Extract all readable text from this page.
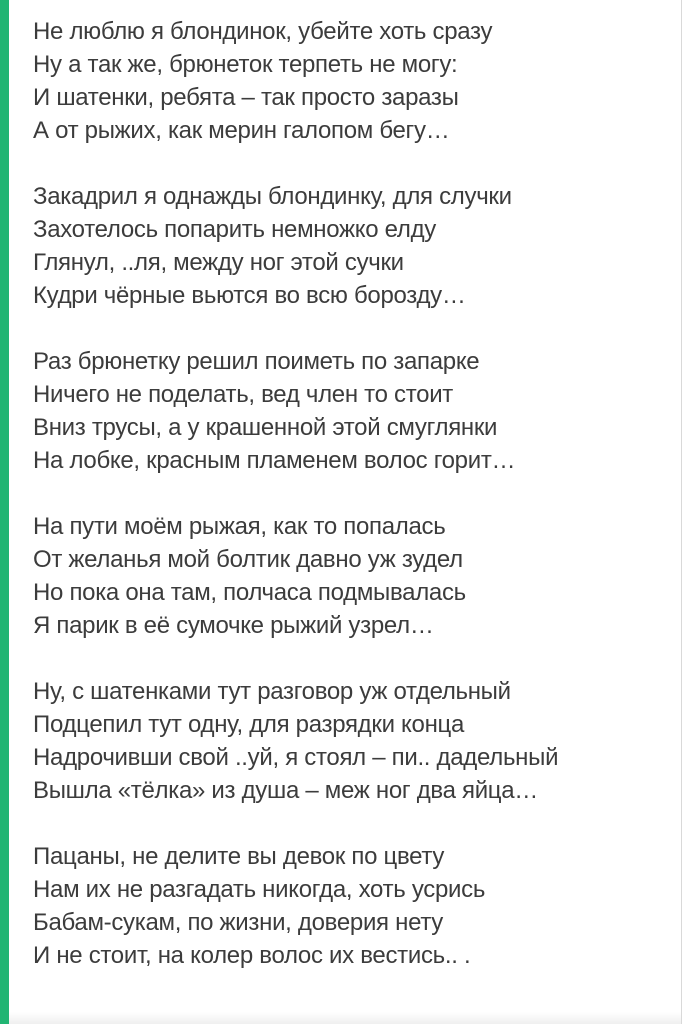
Не люблю я блондинок, убейте хоть сразу
Ну а так же, брюнеток терпеть не могу:
И шатенки, ребята – так просто заразы
А от рыжих, как мерин галопом бегу…

Закадрил я однажды блондинку, для случки
Захотелось попарить немножко елду
Глянул, ..ля, между ног этой сучки
Кудри чёрные вьются во всю борозду…

Раз брюнетку решил поиметь по запарке
Ничего не поделать, вед член то стоит
Вниз трусы, а у крашенной этой смуглянки
На лобке, красным пламенем волос горит…

На пути моём рыжая, как то попалась
От желанья мой болтик давно уж зудел
Но пока она там, полчаса подмывалась
Я парик в её сумочке рыжий узрел…

Ну, с шатенками тут разговор уж отдельный
Подцепил тут одну, для разрядки конца
Надрочивши свой ..уй, я стоял – пи.. дадельный
Вышла «тёлка» из душа – меж ног два яйца…

Пацаны, не делите вы девок по цвету
Нам их не разгадать никогда, хоть усрись
Бабам-сукам, по жизни, доверия нету
И не стоит, на колер волос их вестись.. .
